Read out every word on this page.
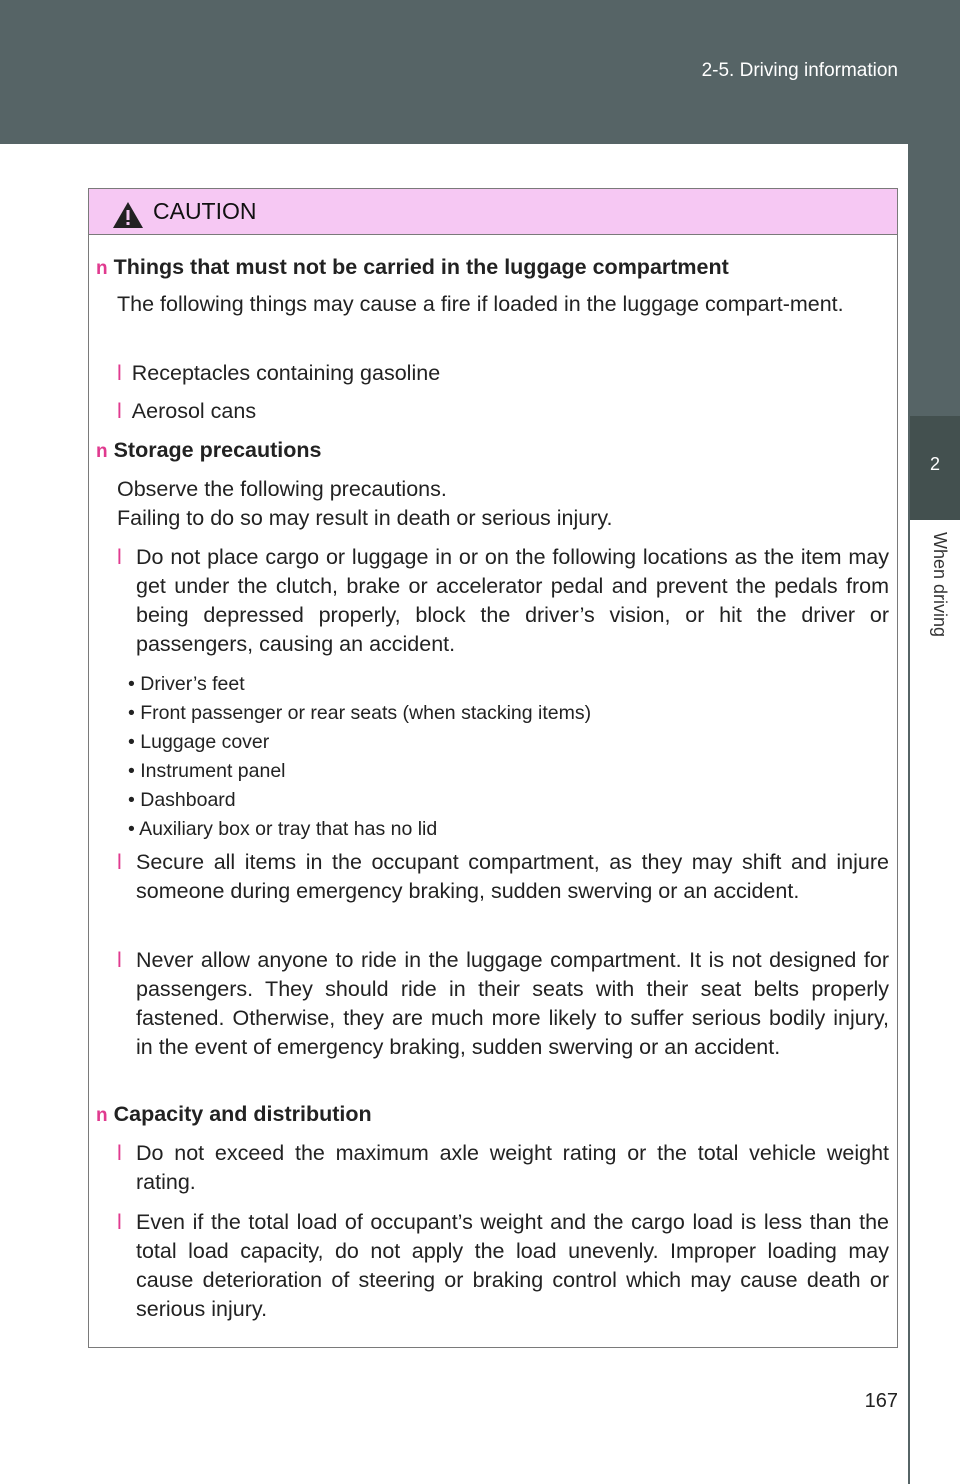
2-5. Driving information
2
When driving
CAUTION
n Things that must not be carried in the luggage compartment
The following things may cause a fire if loaded in the luggage compart-ment.
l Receptacles containing gasoline
l Aerosol cans
n Storage precautions
Observe the following precautions.
Failing to do so may result in death or serious injury.
l Do not place cargo or luggage in or on the following locations as the item may get under the clutch, brake or accelerator pedal and prevent the pedals from being depressed properly, block the driver’s vision, or hit the driver or passengers, causing an accident.
• Driver’s feet
• Front passenger or rear seats (when stacking items)
• Luggage cover
• Instrument panel
• Dashboard
• Auxiliary box or tray that has no lid
l Secure all items in the occupant compartment, as they may shift and injure someone during emergency braking, sudden swerving or an accident.
l Never allow anyone to ride in the luggage compartment. It is not designed for passengers. They should ride in their seats with their seat belts properly fastened. Otherwise, they are much more likely to suffer serious bodily injury, in the event of emergency braking, sudden swerving or an accident.
n Capacity and distribution
l Do not exceed the maximum axle weight rating or the total vehicle weight rating.
l Even if the total load of occupant’s weight and the cargo load is less than the total load capacity, do not apply the load unevenly. Improper loading may cause deterioration of steering or braking control which may cause death or serious injury.
167
